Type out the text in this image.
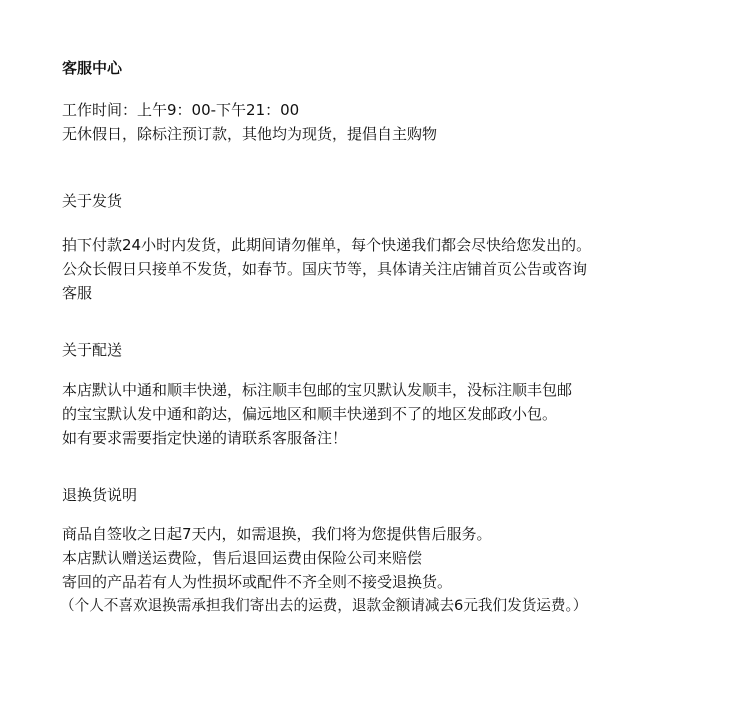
客服中心
工作时间：上午9：00-下午21：00
无休假日，除标注预订款，其他均为现货，提倡自主购物
关于发货
拍下付款24小时内发货，此期间请勿催单，每个快递我们都会尽快给您发出的。
公众长假日只接单不发货，如春节。国庆节等，具体请关注店铺首页公告或咨询
客服
关于配送
本店默认中通和顺丰快递，标注顺丰包邮的宝贝默认发顺丰，没标注顺丰包邮
的宝宝默认发中通和韵达，偏远地区和顺丰快递到不了的地区发邮政小包。
如有要求需要指定快递的请联系客服备注！
退换货说明
商品自签收之日起7天内，如需退换，我们将为您提供售后服务。
本店默认赠送运费险，售后退回运费由保险公司来赔偿
寄回的产品若有人为性损坏或配件不齐全则不接受退换货。
（个人不喜欢退换需承担我们寄出去的运费，退款金额请减去6元我们发货运费。）
